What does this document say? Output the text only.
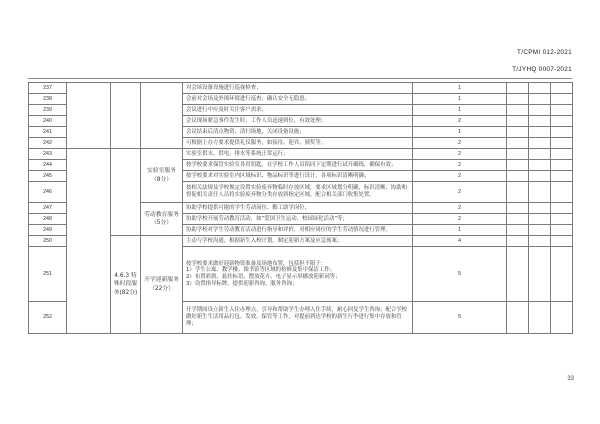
T/CPMI 012-2021
T/JYHQ 0007-2021
237				对会场设备设施进行巡视检查；	1			
238				会前对会场及外围环境进行巡查，确认安全无隐患；	1			
239				会议进行中应及时关注客户需求；	1			
240				会议现场紧急事件发生时，工作人员迅速到位，有效处理；	2			
241				会议结束后清点物资、清扫场地、关闭设备设施；	1			
242				可根据上办方要求提供礼仪服务，如接待、迎宾、颁奖等。	2			
243			实验室服务（8分）	实验室供水、供电、排水等系统正常运行；	2			
244				按学校要求保管实验室各用钥匙，在学校工作人员陪同下定期进行试开确练，确保有效；	2			
245				按学校要求对实验室内区域标识、物品标识等进行设计，各项标识清晰明确；	2			
246				按相关法规及学校规定设置实验废弃物临时存放区域，要求区域划分明确，标识清晰；协助和督促相关责任人员将实验废弃物分类存放到指定区域，配合相关部门收集处置。	2			
247			劳动教育服务（5分）	协助学校提供可能的学生劳动岗位、勤工助学岗位；	2			
248				协助学校开展劳动教育活动，如“爱国卫生运动、校园绿化活动”等；	2			
249				协助学校对学生劳动教育活动进行指导和评价，对相应岗位的学生劳动情况进行管理。	1			
250		4.6.3 特殊时段服务(82分)	开学迎新服务（22分）	主动与学校沟通，根据新生入校计划，制定迎新方案及应急预案；	4			
251				按学校要求做好迎新物资准备及场地布置，包括但不限于：
1）学生公寓、教学楼、图书馆等区域的检修及集中保洁工作；
2）布置彩旗、悬挂标语、摆放花卉、电子显示屏播放迎新词等；
3）设置指导标牌、提供迎新咨询、服务咨询；	5			
252				开学期间设立新生入住办理点，引导和帮助学生办理入住手续，耐心回复学生咨询；配合学校做好新生生活用品打包、发放、保管等工作，对提前到达学校的新生行李进行集中存放和管理；	5			
33
